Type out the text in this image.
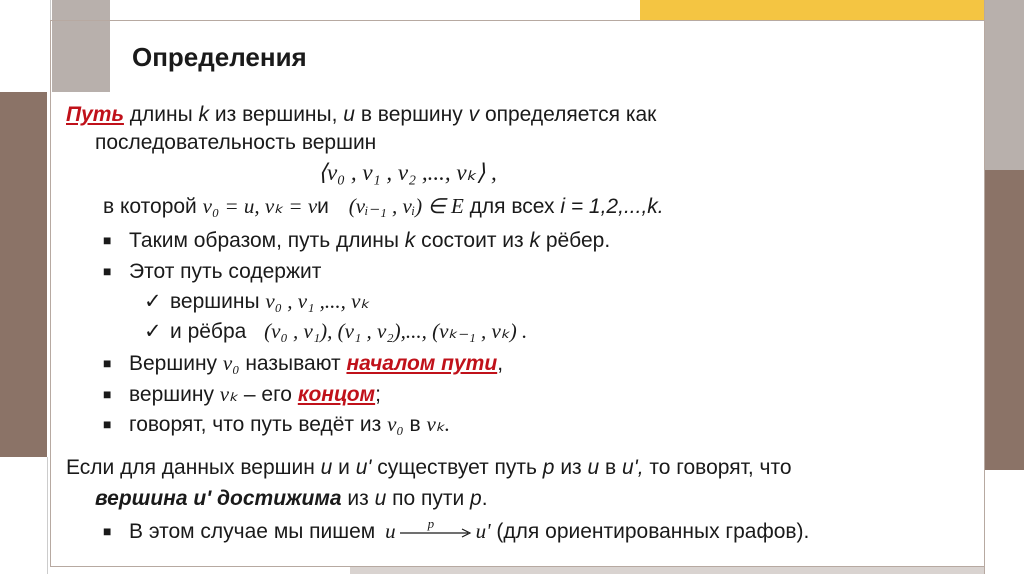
Определения
Путь длины k из вершины, u в вершину v определяется как
последовательность вершин
⟨v₀ , v₁ , v₂ ,..., vₖ⟩ ,
в которой v₀ = u, vₖ = vи (vᵢ₋₁ , vᵢ) ∈ E для всех i = 1,2,...,k.
■ Таким образом, путь длины k состоит из k рёбер.
■ Этот путь содержит
✓ вершины v₀ , v₁ ,..., vₖ
✓ и рёбра (v₀ , v₁), (v₁ , v₂),..., (vₖ₋₁ , vₖ) .
■ Вершину v₀ называют началом пути,
■ вершину vₖ – его концом;
■ говорят, что путь ведёт из v₀ в vₖ.
Если для данных вершин u и u' существует путь p из u в u', то говорят, что
вершина u' достижима из u по пути p.
■ В этом случае мы пишем u p u' (для ориентированных графов).
